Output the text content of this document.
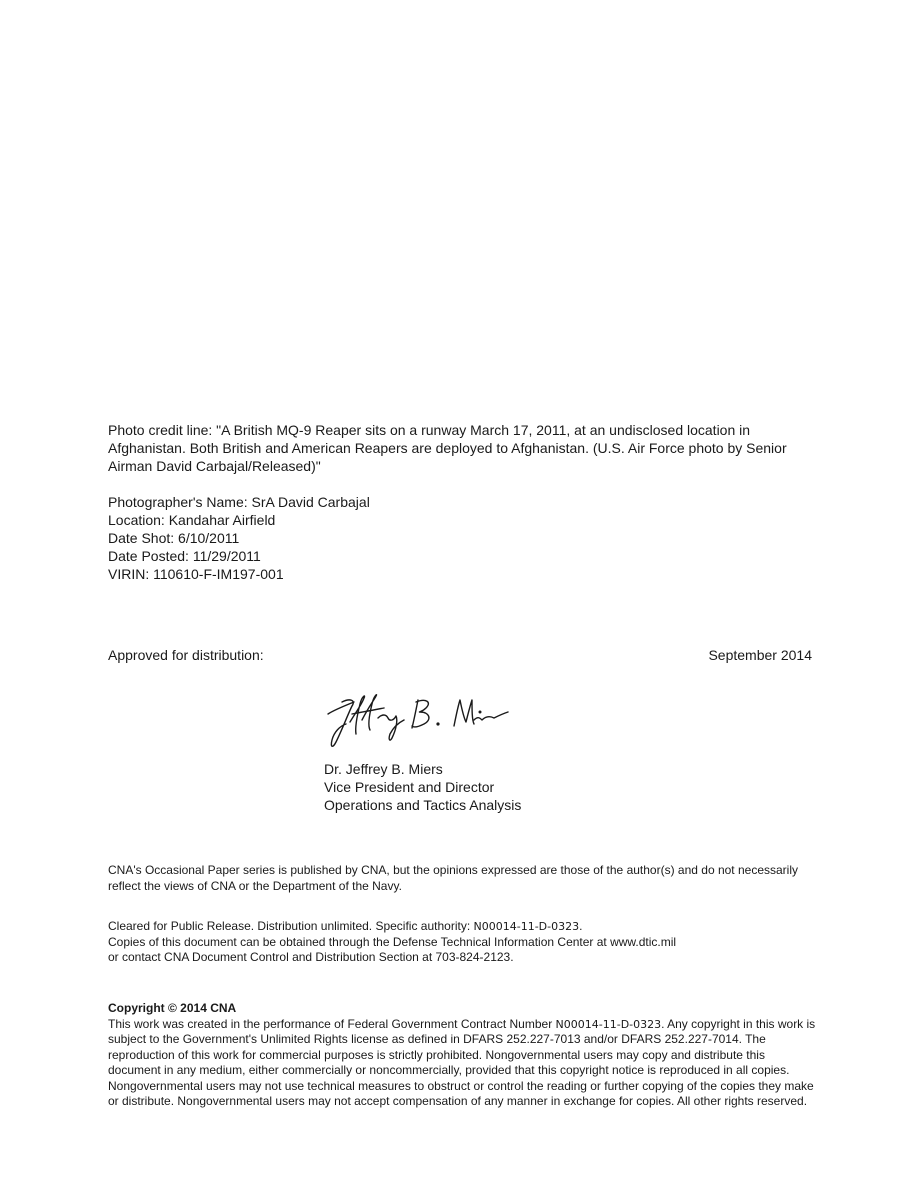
Photo credit line: "A British MQ-9 Reaper sits on a runway March 17, 2011, at an undisclosed location in Afghanistan. Both British and American Reapers are deployed to Afghanistan. (U.S. Air Force photo by Senior Airman David Carbajal/Released)"

Photographer's Name: SrA David Carbajal
Location: Kandahar Airfield
Date Shot: 6/10/2011
Date Posted: 11/29/2011
VIRIN: 110610-F-IM197-001
Approved for distribution:	September 2014
Dr. Jeffrey B. Miers
Vice President and Director
Operations and Tactics Analysis

CNA's Occasional Paper series is published by CNA, but the opinions expressed are those of the author(s) and do not necessarily reflect the views of CNA or the Department of the Navy.

Cleared for Public Release. Distribution unlimited. Specific authority: N00014-11-D-0323.
Copies of this document can be obtained through the Defense Technical Information Center at www.dtic.mil
or contact CNA Document Control and Distribution Section at 703-824-2123.
Copyright © 2014 CNA

This work was created in the performance of Federal Government Contract Number N00014-11-D-0323. Any copyright in this work is subject to the Government's Unlimited Rights license as defined in DFARS 252.227-7013 and/or DFARS 252.227-7014. The reproduction of this work for commercial purposes is strictly prohibited. Nongovernmental users may copy and distribute this document in any medium, either commercially or noncommercially, provided that this copyright notice is reproduced in all copies. Nongovernmental users may not use technical measures to obstruct or control the reading or further copying of the copies they make or distribute. Nongovernmental users may not accept compensation of any manner in exchange for copies. All other rights reserved.
